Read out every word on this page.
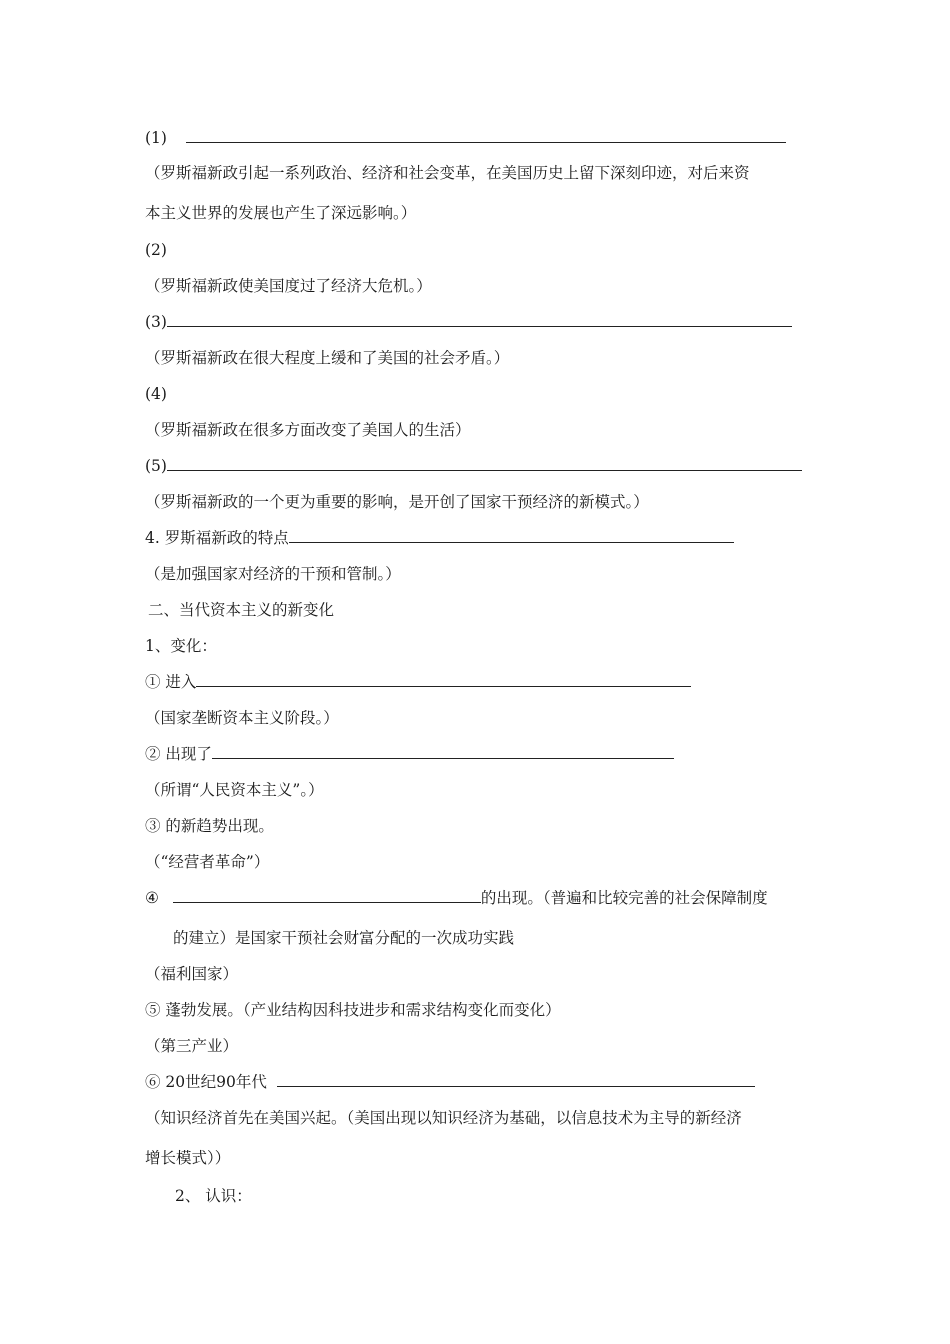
(1)
（罗斯福新政引起一系列政治、经济和社会变革，在美国历史上留下深刻印迹，对后来资
本主义世界的发展也产生了深远影响。）
(2)
（罗斯福新政使美国度过了经济大危机。）
(3)
（罗斯福新政在很大程度上缓和了美国的社会矛盾。）
(4)
（罗斯福新政在很多方面改变了美国人的生活）
(5)
（罗斯福新政的一个更为重要的影响，是开创了国家干预经济的新模式。）
4. 罗斯福新政的特点
（是加强国家对经济的干预和管制。）
二、当代资本主义的新变化
1、变化：
① 进入
（国家垄断资本主义阶段。）
② 出现了
（所谓“人民资本主义”。）
③ 的新趋势出现。
（“经营者革命”）
④	的出现。（普遍和比较完善的社会保障制度
的建立）是国家干预社会财富分配的一次成功实践
（福利国家）
⑤ 蓬勃发展。（产业结构因科技进步和需求结构变化而变化）
（第三产业）
⑥ 20世纪90年代
（知识经济首先在美国兴起。（美国出现以知识经济为基础，以信息技术为主导的新经济
增长模式））
2、 认识：
